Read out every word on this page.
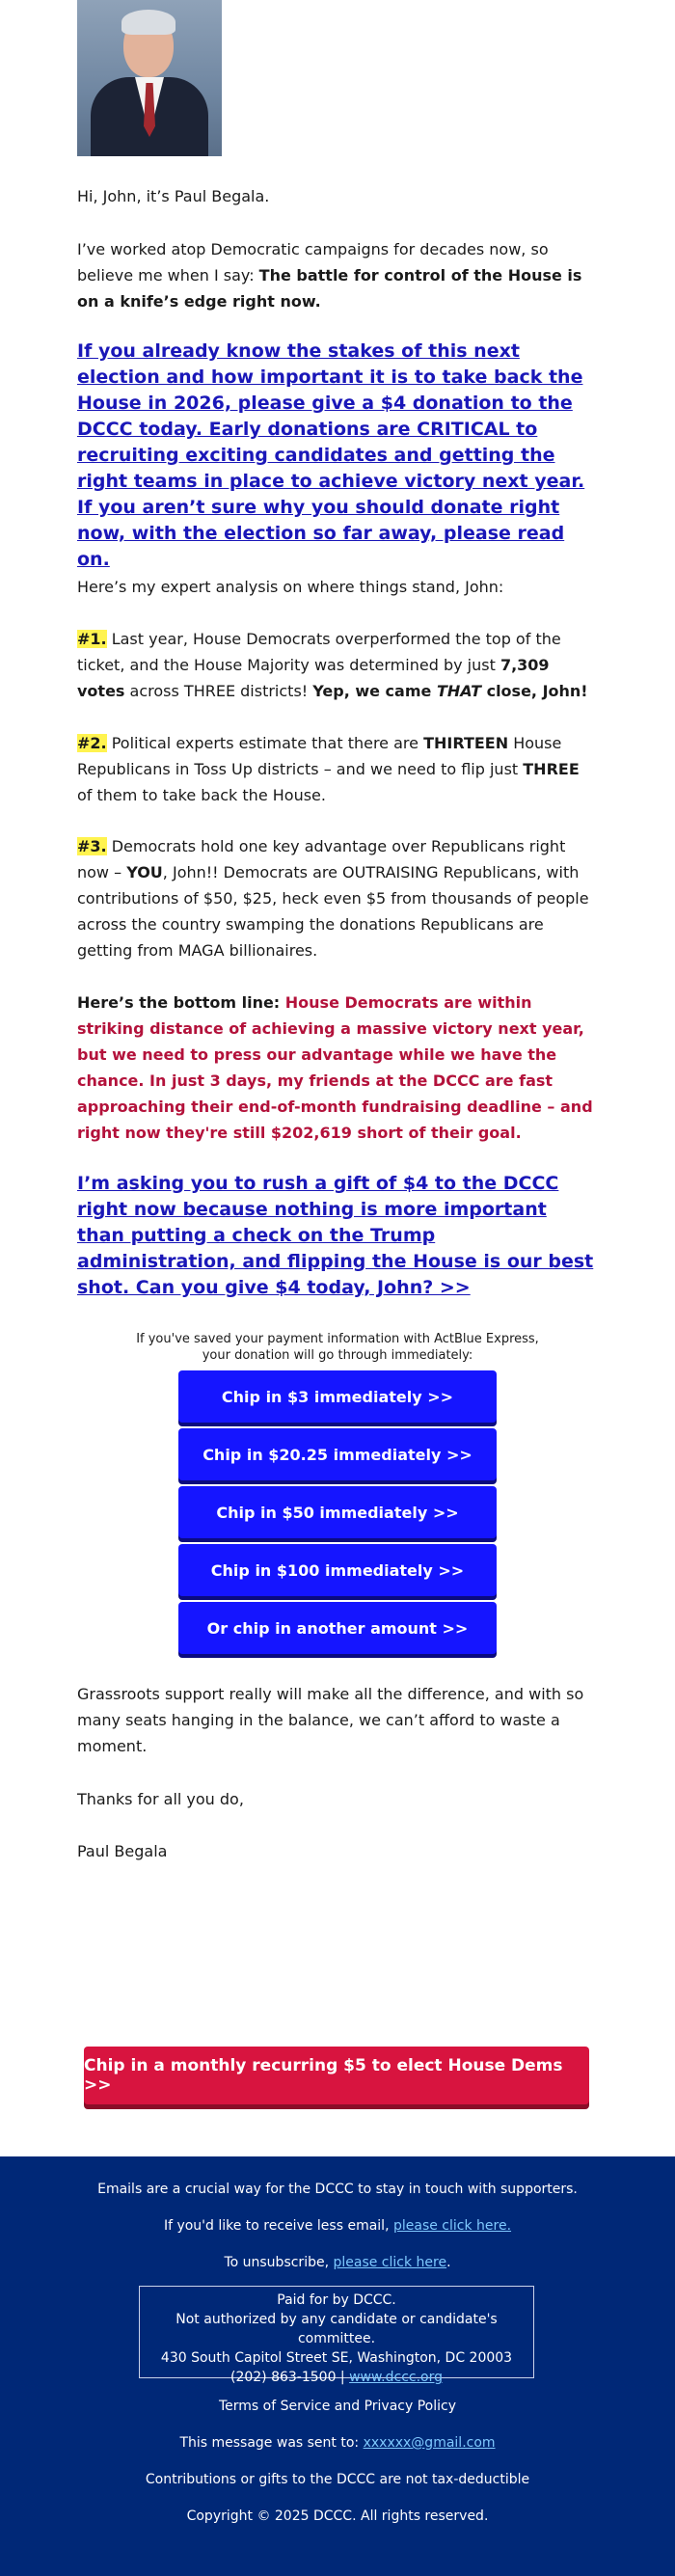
Hi, John, it’s Paul Begala.

I’ve worked atop Democratic campaigns for decades now, so believe me when I say: The battle for control of the House is on a knife’s edge right now.

If you already know the stakes of this next election and how important it is to take back the House in 2026, please give a $4 donation to the DCCC today. Early donations are CRITICAL to recruiting exciting candidates and getting the right teams in place to achieve victory next year. If you aren’t sure why you should donate right now, with the election so far away, please read on.

Here’s my expert analysis on where things stand, John:

#1. Last year, House Democrats overperformed the top of the ticket, and the House Majority was determined by just 7,309 votes across THREE districts! Yep, we came THAT close, John!

#2. Political experts estimate that there are THIRTEEN House Republicans in Toss Up districts – and we need to flip just THREE of them to take back the House.

#3. Democrats hold one key advantage over Republicans right now – YOU, John!! Democrats are OUTRAISING Republicans, with contributions of $50, $25, heck even $5 from thousands of people across the country swamping the donations Republicans are getting from MAGA billionaires.

Here’s the bottom line: House Democrats are within striking distance of achieving a massive victory next year, but we need to press our advantage while we have the chance. In just 3 days, my friends at the DCCC are fast approaching their end-of-month fundraising deadline – and right now they're still $202,619 short of their goal.

I’m asking you to rush a gift of $4 to the DCCC right now because nothing is more important than putting a check on the Trump administration, and flipping the House is our best shot. Can you give $4 today, John? >>

If you've saved your payment information with ActBlue Express,
your donation will go through immediately:
Chip in $3 immediately >>
Chip in $20.25 immediately >>
Chip in $50 immediately >>
Chip in $100 immediately >>
Or chip in another amount >>

Grassroots support really will make all the difference, and with so many seats hanging in the balance, we can’t afford to waste a moment.

Thanks for all you do,

Paul Begala

Chip in a monthly recurring $5 to elect House Dems >>
Emails are a crucial way for the DCCC to stay in touch with supporters.
If you'd like to receive less email, please click here.
To unsubscribe, please click here.
Paid for by DCCC.
Not authorized by any candidate or candidate's committee.
430 South Capitol Street SE, Washington, DC 20003
(202) 863-1500 | www.dccc.org
Terms of Service and Privacy Policy
This message was sent to: xxxxxx@gmail.com
Contributions or gifts to the DCCC are not tax-deductible
Copyright © 2025 DCCC. All rights reserved.
